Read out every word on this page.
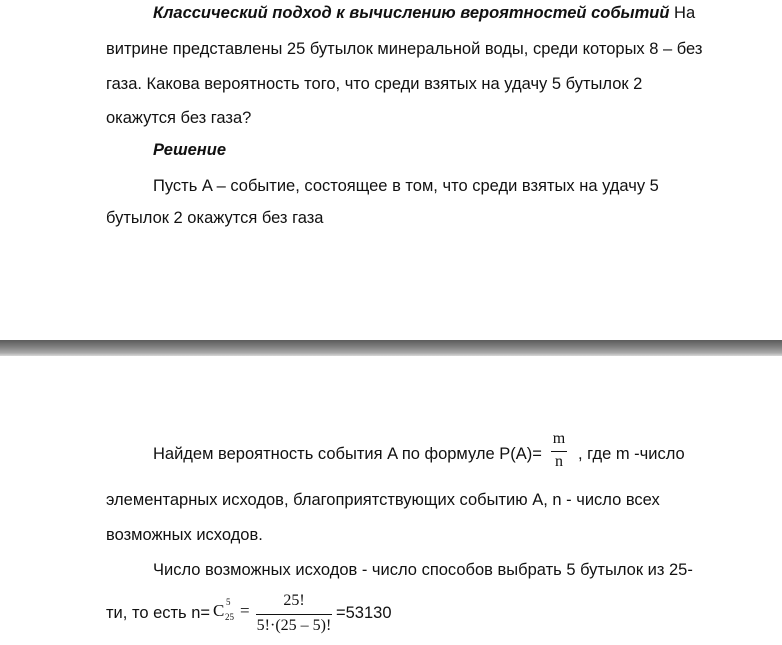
Классический подход к вычислению вероятностей событий На
витрине представлены 25 бутылок минеральной воды, среди которых 8 – без
газа. Какова вероятность того, что среди взятых на удачу 5 бутылок 2
окажутся без газа?
Решение
Пусть A – событие, состоящее в том, что среди взятых на удачу 5
бутылок 2 окажутся без газа
Найдем вероятность события A по формуле P(A)=
m
n , где m -число
элементарных исходов, благоприятствующих событию A, n - число всех
возможных исходов.
Число возможных исходов - число способов выбрать 5 бутылок из 25-
ти, то есть n= C 5
25 =
25!
5!·(25 – 5)!
=53130
